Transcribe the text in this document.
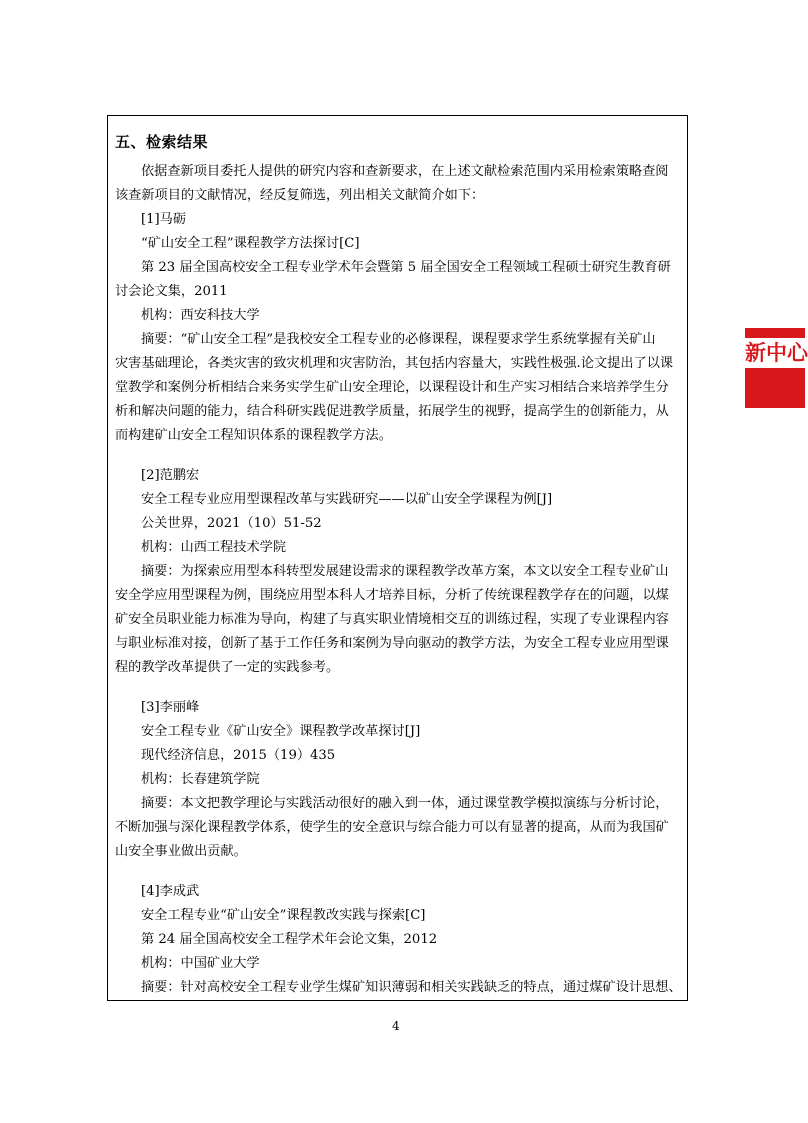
五、检索结果
依据查新项目委托人提供的研究内容和查新要求，在上述文献检索范围内采用检索策略查阅
该查新项目的文献情况，经反复筛选，列出相关文献简介如下：
[1]马砺
“矿山安全工程”课程教学方法探讨[C]
第 23 届全国高校安全工程专业学术年会暨第 5 届全国安全工程领域工程硕士研究生教育研
讨会论文集，2011
机构：西安科技大学
摘要：“矿山安全工程”是我校安全工程专业的必修课程，课程要求学生系统掌握有关矿山
灾害基础理论，各类灾害的致灾机理和灾害防治，其包括内容量大，实践性极强.论文提出了以课
堂教学和案例分析相结合来务实学生矿山安全理论，以课程设计和生产实习相结合来培养学生分
析和解决问题的能力，结合科研实践促进教学质量，拓展学生的视野，提高学生的创新能力，从
而构建矿山安全工程知识体系的课程教学方法。
[2]范鹏宏
安全工程专业应用型课程改革与实践研究——以矿山安全学课程为例[J]
公关世界，2021（10）51-52
机构：山西工程技术学院
摘要：为探索应用型本科转型发展建设需求的课程教学改革方案，本文以安全工程专业矿山
安全学应用型课程为例，围绕应用型本科人才培养目标，分析了传统课程教学存在的问题，以煤
矿安全员职业能力标准为导向，构建了与真实职业情境相交互的训练过程，实现了专业课程内容
与职业标准对接，创新了基于工作任务和案例为导向驱动的教学方法，为安全工程专业应用型课
程的教学改革提供了一定的实践参考。
[3]李丽峰
安全工程专业《矿山安全》课程教学改革探讨[J]
现代经济信息，2015（19）435
机构：长春建筑学院
摘要：本文把教学理论与实践活动很好的融入到一体，通过课堂教学模拟演练与分析讨论，
不断加强与深化课程教学体系，使学生的安全意识与综合能力可以有显著的提高，从而为我国矿
山安全事业做出贡献。
[4]李成武
安全工程专业“矿山安全”课程教改实践与探索[C]
第 24 届全国高校安全工程学术年会论文集，2012
机构：中国矿业大学
摘要：针对高校安全工程专业学生煤矿知识薄弱和相关实践缺乏的特点，通过煤矿设计思想、
新中心
4
